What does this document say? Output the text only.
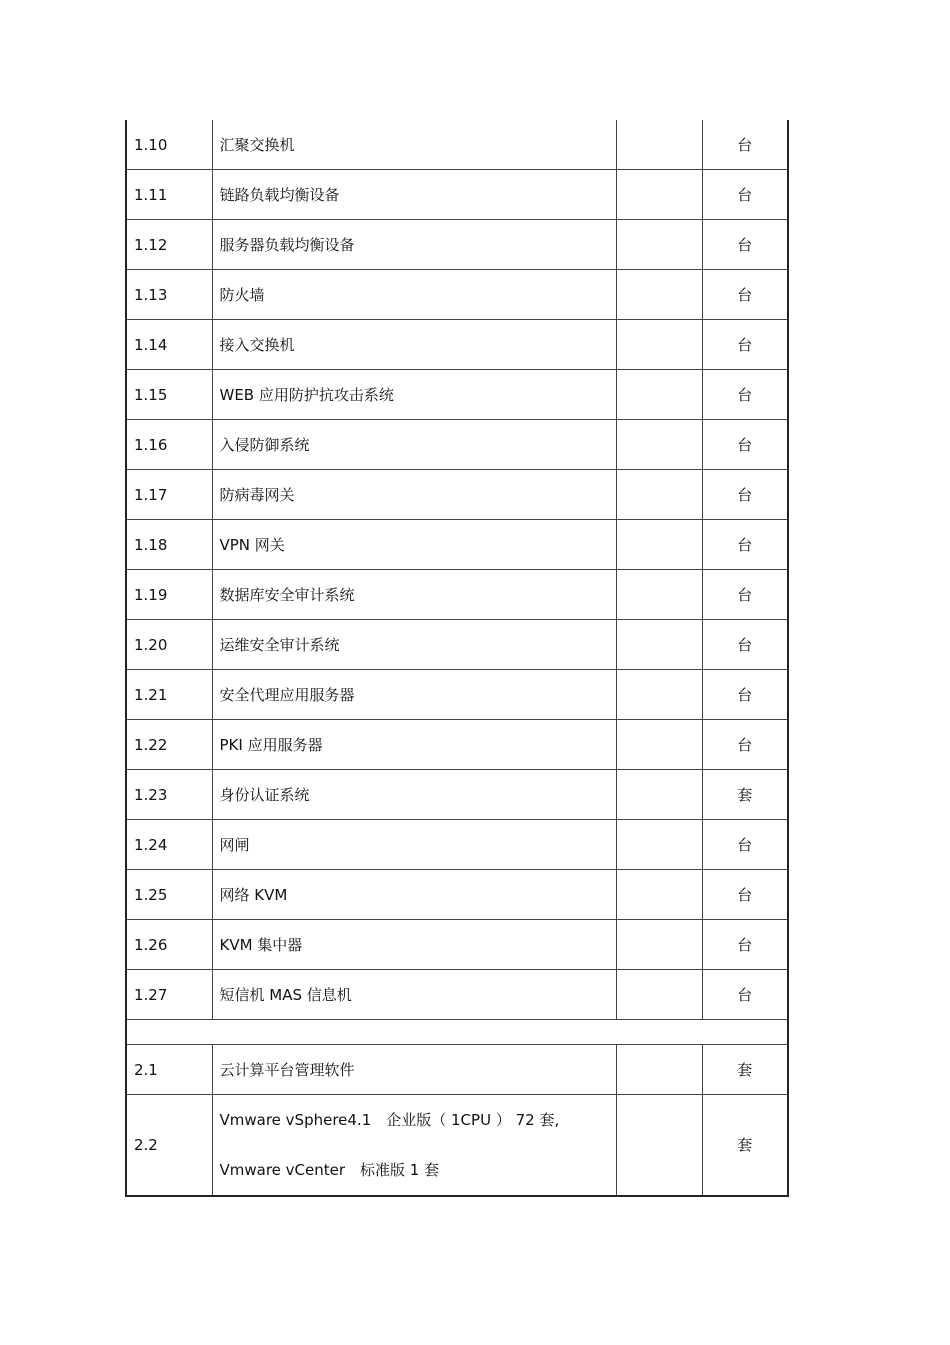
1.10	汇聚交换机		台
1.11	链路负载均衡设备		台
1.12	服务器负载均衡设备		台
1.13	防火墙		台
1.14	接入交换机		台
1.15	WEB 应用防护抗攻击系统		台
1.16	入侵防御系统		台
1.17	防病毒网关		台
1.18	VPN 网关		台
1.19	数据库安全审计系统		台
1.20	运维安全审计系统		台
1.21	安全代理应用服务器		台
1.22	PKI 应用服务器		台
1.23	身份认证系统		套
1.24	网闸		台
1.25	网络 KVM		台
1.26	KVM 集中器		台
1.27	短信机 MAS 信息机		台

2.1	云计算平台管理软件		套
2.2	Vmware vSphere4.1　企业版（ 1CPU ） 72 套,
Vmware vCenter　标准版 1 套		套
